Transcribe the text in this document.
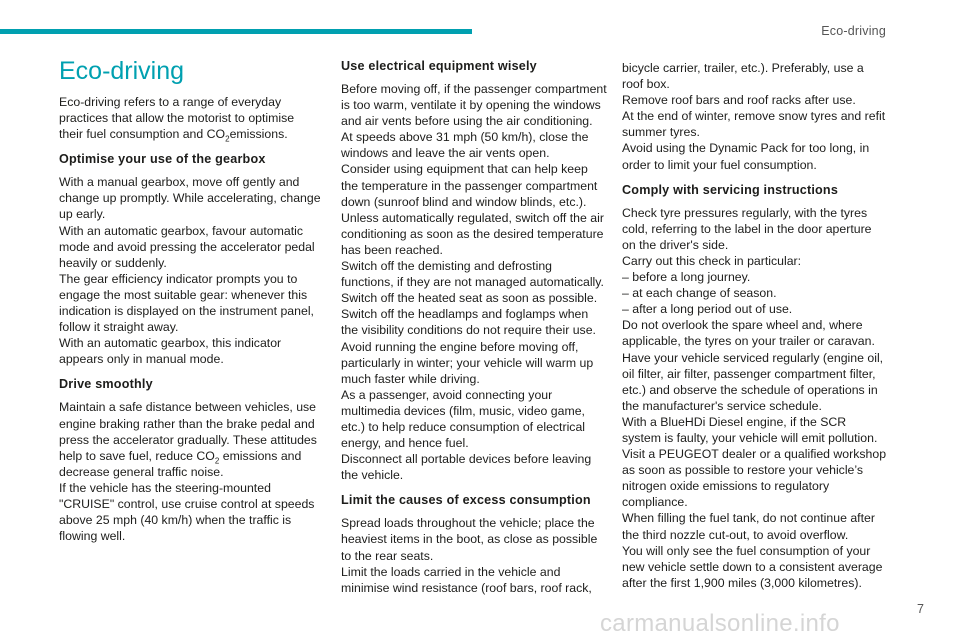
Eco-driving
Eco-driving

Eco-driving refers to a range of everyday practices that allow the motorist to optimise their fuel consumption and $CO_2emissions$.

Optimise your use of the gearbox

With a manual gearbox, move off gently and change up promptly. While accelerating, change up early.
With an automatic gearbox, favour automatic mode and avoid pressing the accelerator pedal heavily or suddenly.
The gear efficiency indicator prompts you to engage the most suitable gear: whenever this indication is displayed on the instrument panel, follow it straight away.
With an automatic gearbox, this indicator appears only in manual mode.

Drive smoothly

Maintain a safe distance between vehicles, use engine braking rather than the brake pedal and press the accelerator gradually. These attitudes help to save fuel, reduce $CO_2$ emissions and decrease general traffic noise.
If the vehicle has the steering-mounted "CRUISE" control, use cruise control at speeds above 25 mph (40 km/h) when the traffic is flowing well.

Use electrical equipment wisely

Before moving off, if the passenger compartment is too warm, ventilate it by opening the windows and air vents before using the air conditioning.
At speeds above 31 mph (50 km/h), close the windows and leave the air vents open.
Consider using equipment that can help keep the temperature in the passenger compartment down (sunroof blind and window blinds, etc.).
Unless automatically regulated, switch off the air conditioning as soon as the desired temperature has been reached.
Switch off the demisting and defrosting functions, if they are not managed automatically.
Switch off the heated seat as soon as possible.
Switch off the headlamps and foglamps when the visibility conditions do not require their use.
Avoid running the engine before moving off, particularly in winter; your vehicle will warm up much faster while driving.
As a passenger, avoid connecting your multimedia devices (film, music, video game, etc.) to help reduce consumption of electrical energy, and hence fuel.
Disconnect all portable devices before leaving the vehicle.

Limit the causes of excess consumption

Spread loads throughout the vehicle; place the heaviest items in the boot, as close as possible to the rear seats.
Limit the loads carried in the vehicle and minimise wind resistance (roof bars, roof rack,

bicycle carrier, trailer, etc.). Preferably, use a roof box.
Remove roof bars and roof racks after use.
At the end of winter, remove snow tyres and refit summer tyres.
Avoid using the Dynamic Pack for too long, in order to limit your fuel consumption.

Comply with servicing instructions

Check tyre pressures regularly, with the tyres cold, referring to the label in the door aperture on the driver's side.
Carry out this check in particular:
– before a long journey.
– at each change of season.
– after a long period out of use.
Do not overlook the spare wheel and, where applicable, the tyres on your trailer or caravan.
Have your vehicle serviced regularly (engine oil, oil filter, air filter, passenger compartment filter, etc.) and observe the schedule of operations in the manufacturer's service schedule.
With a BlueHDi Diesel engine, if the SCR system is faulty, your vehicle will emit pollution. Visit a PEUGEOT dealer or a qualified workshop as soon as possible to restore your vehicle’s nitrogen oxide emissions to regulatory compliance.
When filling the fuel tank, do not continue after the third nozzle cut-out, to avoid overflow.
You will only see the fuel consumption of your new vehicle settle down to a consistent average after the first 1,900 miles (3,000 kilometres).

7
carmanualsonline.info
